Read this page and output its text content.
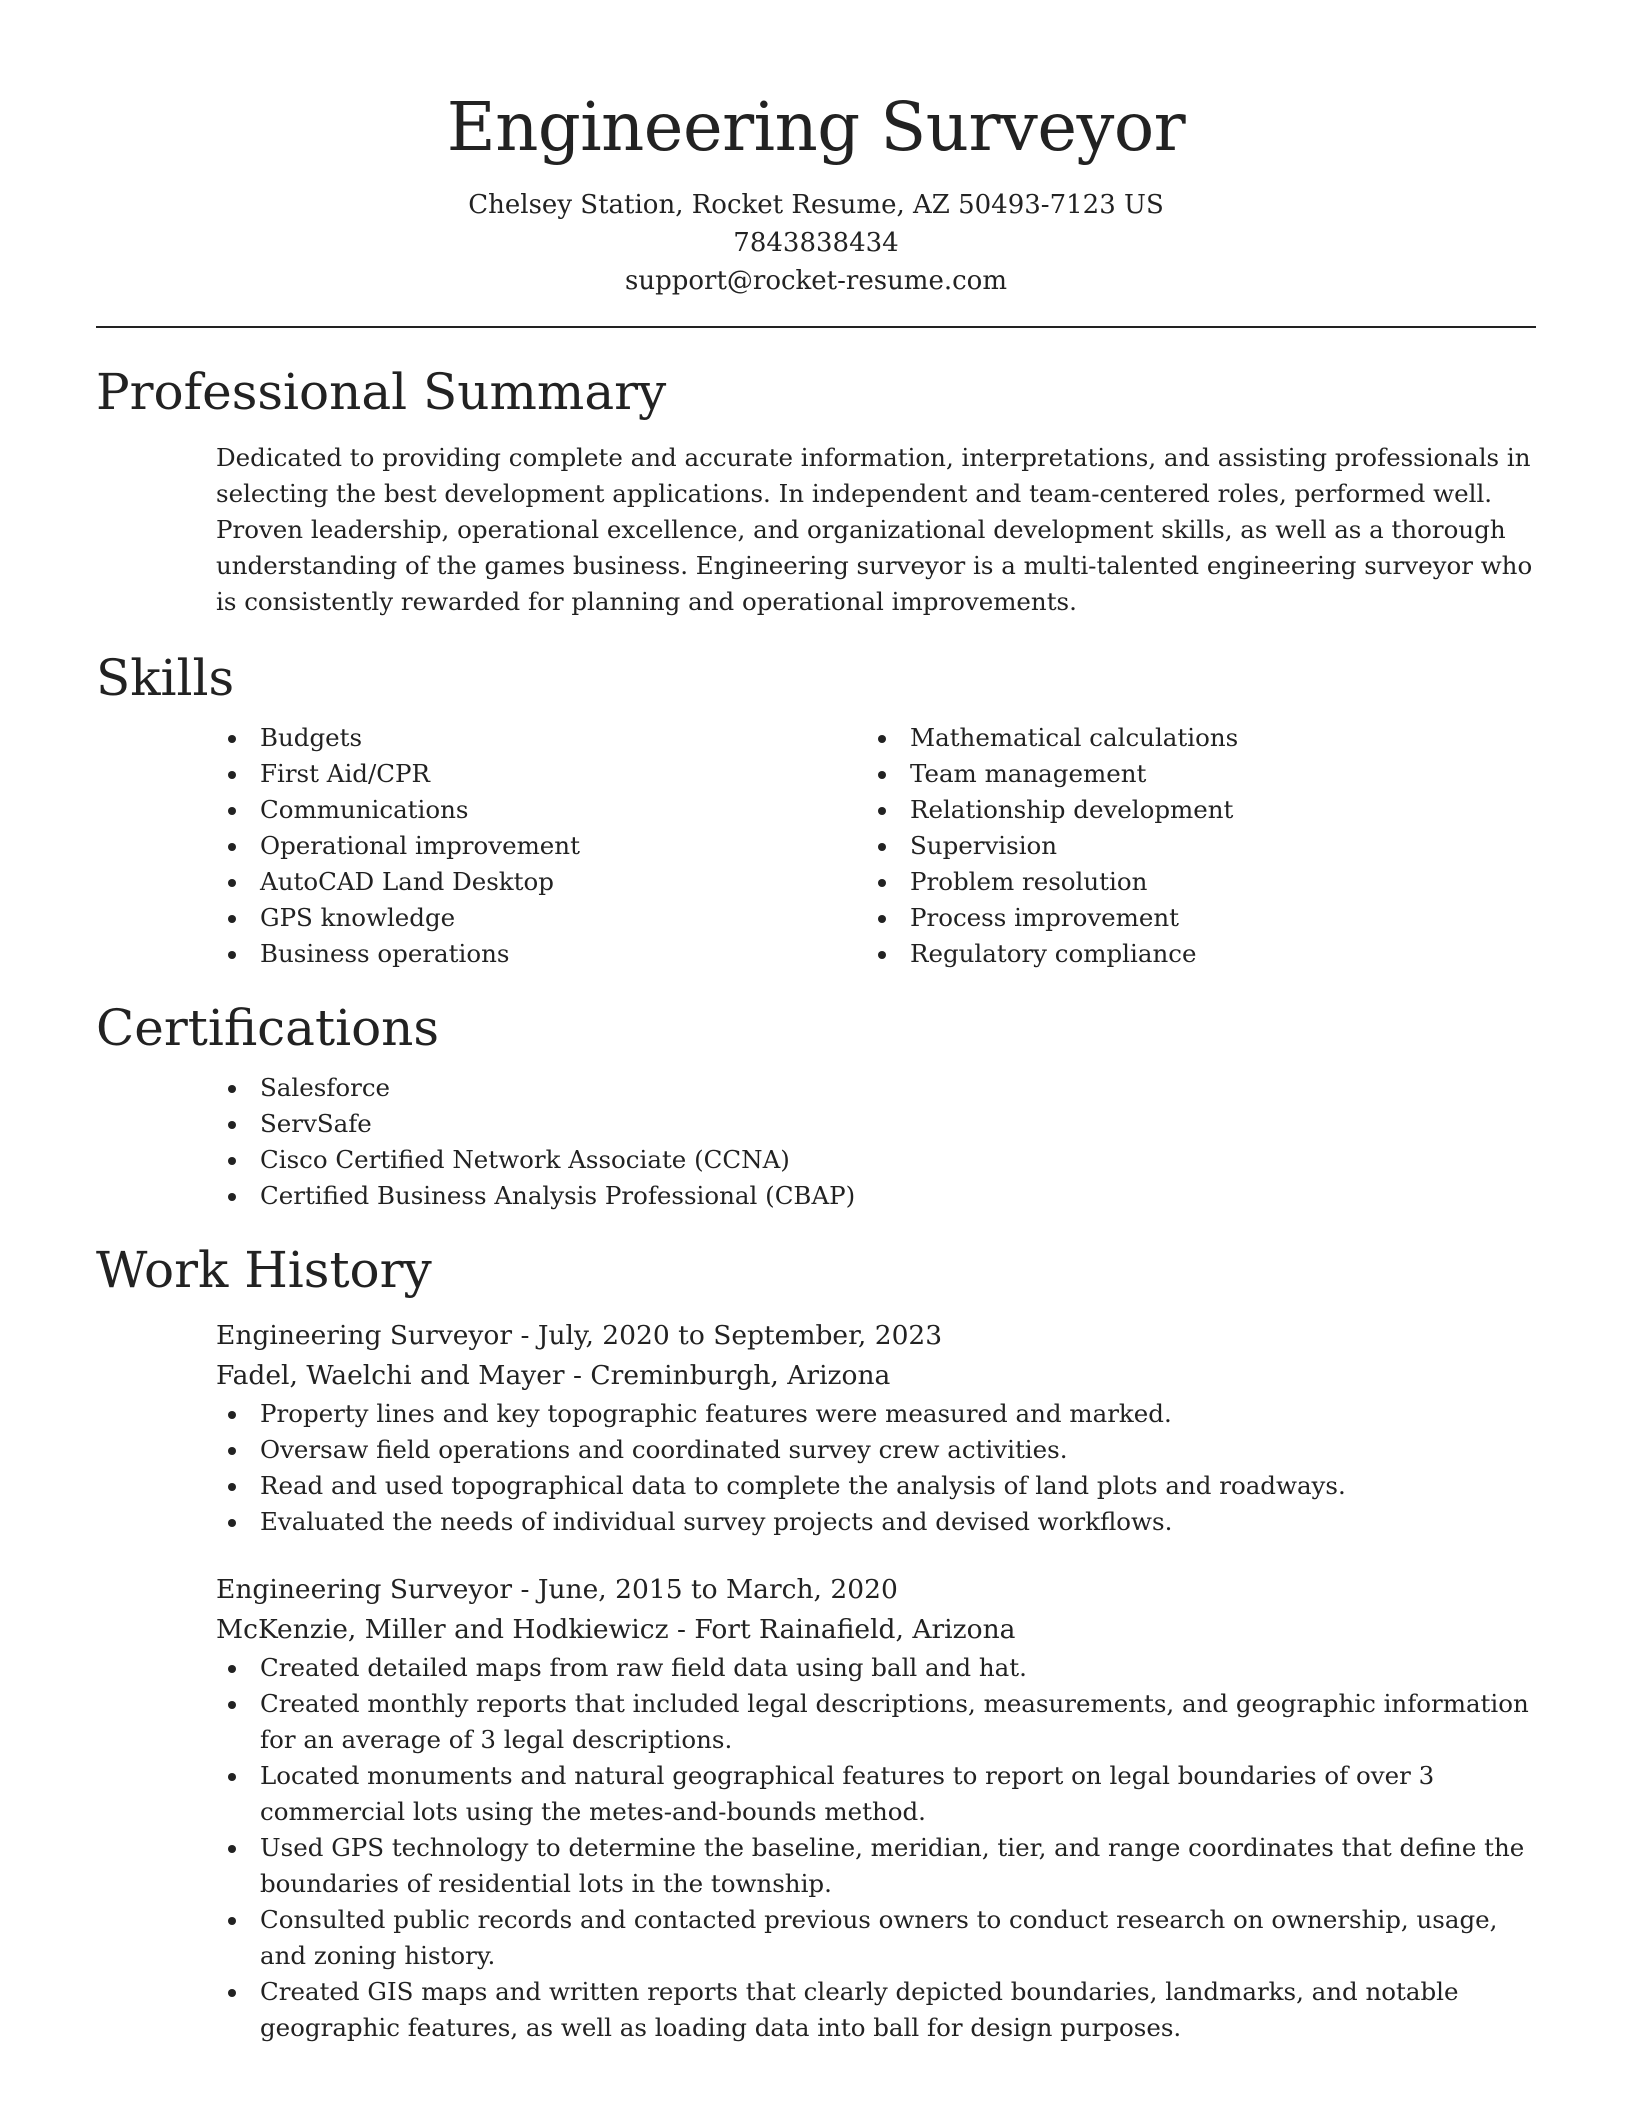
Engineering Surveyor
Chelsey Station, Rocket Resume, AZ 50493-7123 US
7843838434
support@rocket-resume.com
Professional Summary

Dedicated to providing complete and accurate information, interpretations, and assisting professionals in selecting the best development applications. In independent and team-centered roles, performed well. Proven leadership, operational excellence, and organizational development skills, as well as a thorough understanding of the games business. Engineering surveyor is a multi-talented engineering surveyor who is consistently rewarded for planning and operational improvements.

Skills
Budgets
First Aid/CPR
Communications
Operational improvement
AutoCAD Land Desktop
GPS knowledge
Business operations
Mathematical calculations
Team management
Relationship development
Supervision
Problem resolution
Process improvement
Regulatory compliance
Certifications
Salesforce
ServSafe
Cisco Certified Network Associate (CCNA)
Certified Business Analysis Professional (CBAP)
Work History
Engineering Surveyor - July, 2020 to September, 2023
Fadel, Waelchi and Mayer - Creminburgh, Arizona
Property lines and key topographic features were measured and marked.
Oversaw field operations and coordinated survey crew activities.
Read and used topographical data to complete the analysis of land plots and roadways.
Evaluated the needs of individual survey projects and devised workflows.
Engineering Surveyor - June, 2015 to March, 2020
McKenzie, Miller and Hodkiewicz - Fort Rainafield, Arizona
Created detailed maps from raw field data using ball and hat.
Created monthly reports that included legal descriptions, measurements, and geographic information for an average of 3 legal descriptions.
Located monuments and natural geographical features to report on legal boundaries of over 3 commercial lots using the metes-and-bounds method.
Used GPS technology to determine the baseline, meridian, tier, and range coordinates that define the boundaries of residential lots in the township.
Consulted public records and contacted previous owners to conduct research on ownership, usage, and zoning history.
Created GIS maps and written reports that clearly depicted boundaries, landmarks, and notable geographic features, as well as loading data into ball for design purposes.
